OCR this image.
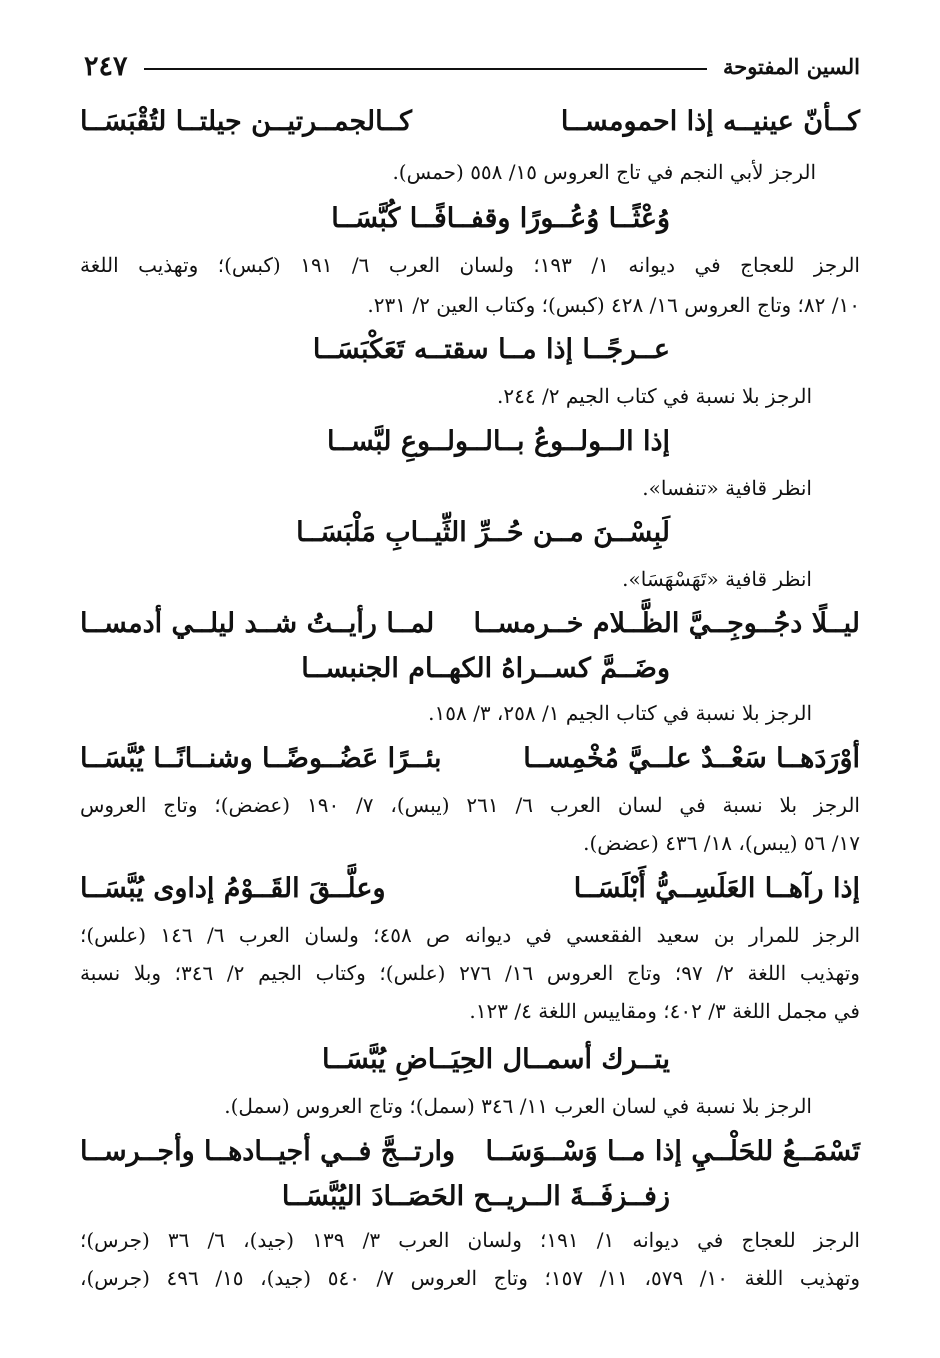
السين المفتوحة
٢٤٧
كــأنّ عينيــه إذا احمومســا
كــالجمــرتيــن جيلتــا لتُقْبَسَــا
الرجز لأبي النجم في تاج العروس ١٥/ ٥٥٨ (حمس).
وُعْثًــا وُعُــورًا وقفــافًــا كُبَّسَــا
الرجز للعجاج في ديوانه ١/ ١٩٣؛ ولسان العرب ٦/ ١٩١ (كبس)؛ وتهذيب اللغة
١٠/ ٨٢؛ وتاج العروس ١٦/ ٤٢٨ (كبس)؛ وكتاب العين ٢/ ٢٣١.
عــرجًــا إذا مــا سقتــه تَعَكْبَسَــا
الرجز بلا نسبة في كتاب الجيم ٢/ ٢٤٤.
إذا الــولــوعُ بــالــولــوعِ لبَّســا
انظر قافية «تنفسا».
لَبِسْــنَ مــن حُــرِّ الثِّيــابِ مَلْبَسَــا
انظر قافية «تَهَسْهَسَا».
ليــلًا دجُــوجِــيَّ الظَّــلام خــرمســا
لمــا رأيــتُ شــد ليلــي أدمســا
وضَــمَّ كســراهُ الكهــام الجنبســا
الرجز بلا نسبة في كتاب الجيم ١/ ٢٥٨، ٣/ ١٥٨.
أوْرَدَهــا سَعْــدٌ علــيَّ مُخْمِســا
بئــرًا عَضُــوضًــا وشنــانًــا يُبَّسَــا
الرجز بلا نسبة في لسان العرب ٦/ ٢٦١ (يبس)، ٧/ ١٩٠ (عضض)؛ وتاج العروس
١٧/ ٥٦ (يبس)، ١٨/ ٤٣٦ (عضض).
إذا رآهــا العَلَسِــيُّ أَبْلَسَــا
وعلَّــقَ القَــوْمُ إداوى يُبَّسَــا
الرجز للمرار بن سعيد الفقعسي في ديوانه ص ٤٥٨؛ ولسان العرب ٦/ ١٤٦ (علس)؛
وتهذيب اللغة ٢/ ٩٧؛ وتاج العروس ١٦/ ٢٧٦ (علس)؛ وكتاب الجيم ٢/ ٣٤٦؛ وبلا نسبة
في مجمل اللغة ٣/ ٤٠٢؛ ومقاييس اللغة ٤/ ١٢٣.
يتــرك أسمــال الحِيَــاضِ يُبَّسَــا
الرجز بلا نسبة في لسان العرب ١١/ ٣٤٦ (سمل)؛ وتاج العروس (سمل).
تَسْمَــعُ للحَلْــيِ إذا مــا وَسْــوَسَــا
وارتــجَّ فــي أجيــادهــا وأجــرســا
زفــزفَــةَ الــريــح الحَصَــادَ اليُبَّسَــا
الرجز للعجاج في ديوانه ١/ ١٩١؛ ولسان العرب ٣/ ١٣٩ (جيد)، ٦/ ٣٦ (جرس)؛
وتهذيب اللغة ١٠/ ٥٧٩، ١١/ ١٥٧؛ وتاج العروس ٧/ ٥٤٠ (جيد)، ١٥/ ٤٩٦ (جرس)،
